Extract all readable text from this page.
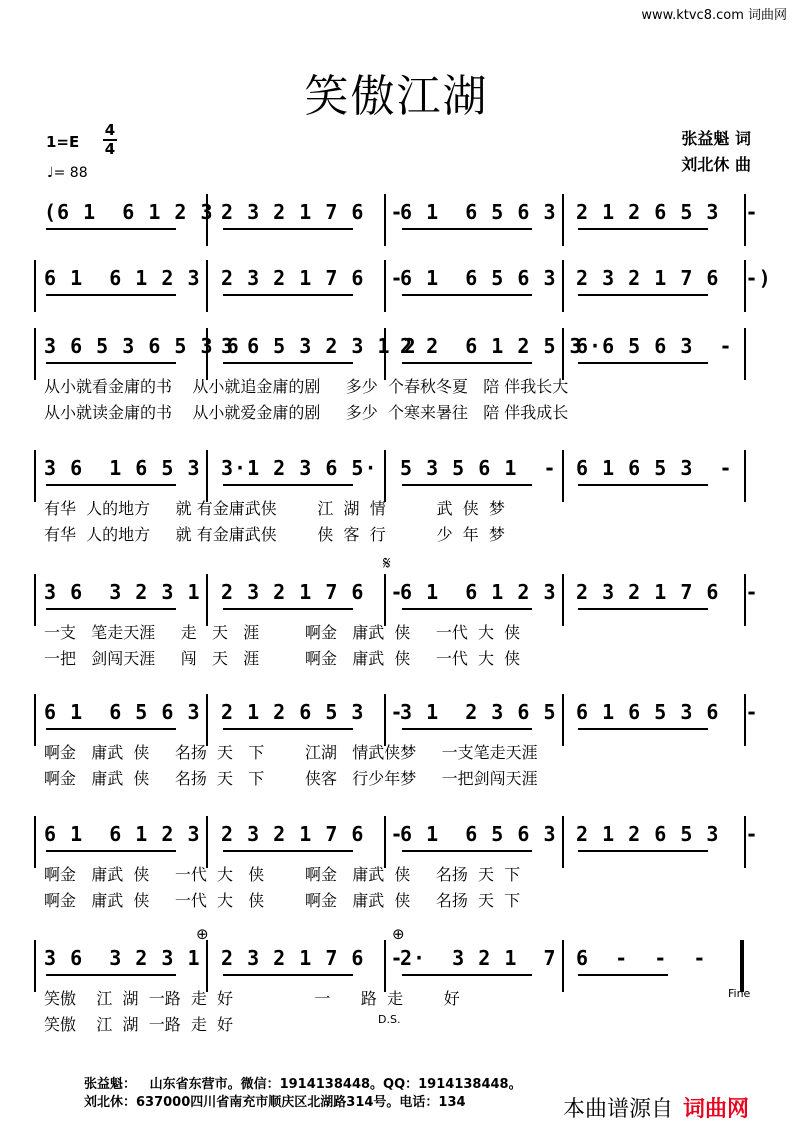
www.ktvc8.com 词曲网
笑傲江湖
1=E
4
4
♩= 88
张益魁 词
刘北休 曲
(6 1  6 1 2 3 2 3 2 1 7 6  -
6 1  6 5 6 3 2 1 2 6 5 3  -
6 1  6 1 2 3 2 3 2 1 7 6  -
6 1  6 5 6 3 2 3 2 1 7 6  -)
3 6 5 3 6 5 3 6
3 6 5 3 2 3 1 2
2 2  6 1 2 5 3
6·6 5 6 3  -
从小就看金庸的书    从小就追金庸的剧     多少  个春秋冬夏   陪 伴我长大
从小就读金庸的书    从小就爱金庸的剧     多少  个寒来暑往   陪 伴我成长
3 6  1 6 5 3 3·1 2 3 6 5· 5 3 5 6 1  - 6 1 6 5 3  -
有华  人的地方     就 有金庸武侠        江  湖  情          武  侠  梦
有华  人的地方     就 有金庸武侠        侠  客  行          少  年  梦
3 6  3 2 3 1 2 3 2 1 7 6  -
6 1  6 1 2 3 2 3 2 1 7 6  -
一支   笔走天涯     走   天   涯         啊金   庸武  侠     一代  大  侠
一把   剑闯天涯     闯   天   涯         啊金   庸武  侠     一代  大  侠
6 1  6 5 6 3 2 1 2 6 5 3  -
3 1  2 3 6 5 6 1 6 5 3 6  -
啊金   庸武  侠     名扬  天   下        江湖   情武侠梦     一支笔走天涯
啊金   庸武  侠     名扬  天   下        侠客   行少年梦     一把剑闯天涯
6 1  6 1 2 3 2 3 2 1 7 6  -
6 1  6 5 6 3 2 1 2 6 5 3  -
啊金   庸武  侠     一代  大   侠        啊金   庸武  侠     名扬  天  下
啊金   庸武  侠     一代  大   侠        啊金   庸武  侠     名扬  天  下
3 6  3 2 3 1 2 3 2 1 7 6  -
2·  3 2 1  7 6  -  -  -
笑傲    江  湖  一路  走  好                一      路  走        好
笑傲    江  湖  一路  走  好
𝄋
⊕	⊕
Fine
D.S.
张益魁：   山东省东营市。微信：1914138448。QQ：1914138448。
刘北休：637000四川省南充市顺庆区北湖路314号。电话：134	本曲谱源自 词曲网
